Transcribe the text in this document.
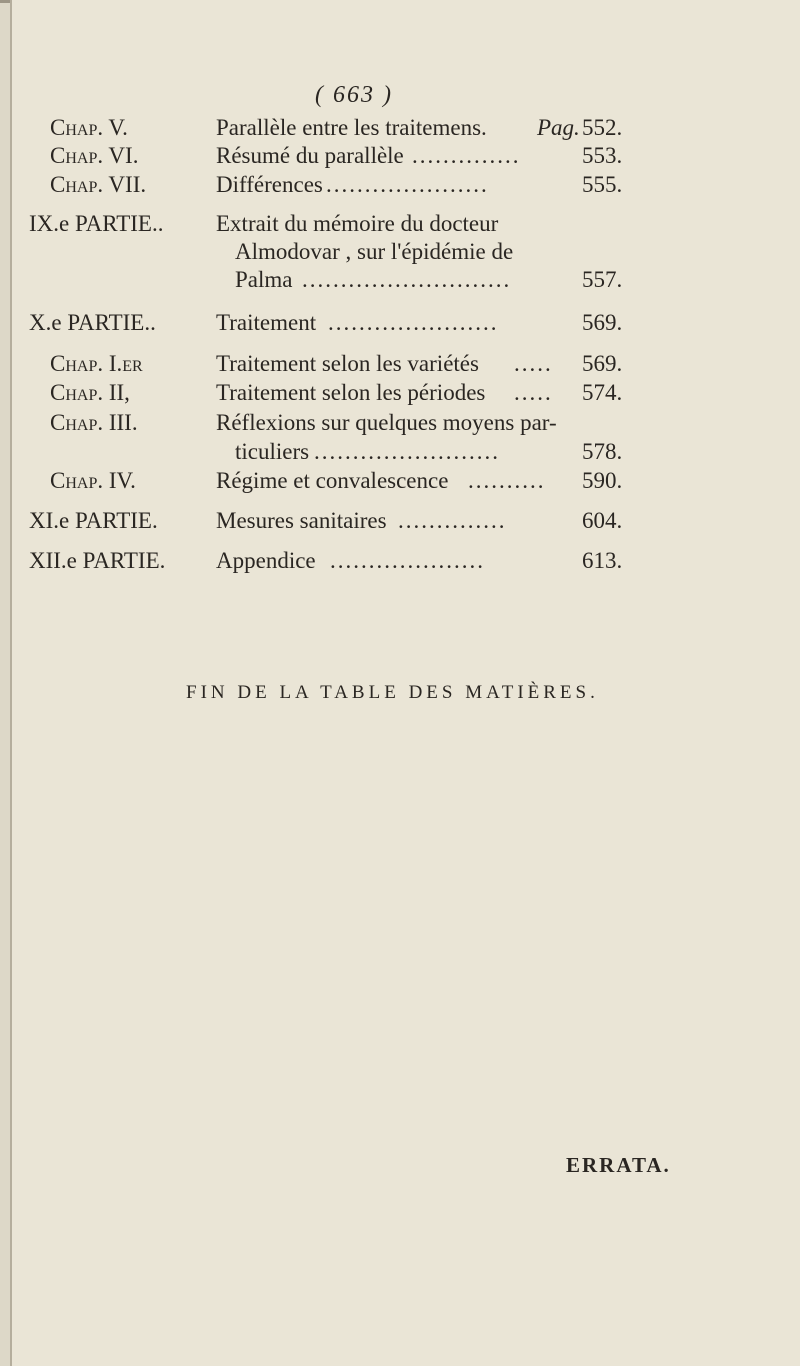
( 663 )
Chap. V.	Parallèle entre les traitemens. Pag. 552.
Chap. VI.	Résumé du parallèle ..............	553.
Chap. VII.	Différences .....................	555.
IX.e PARTIE.. Extrait du mémoire du docteur
Almodovar , sur l'épidémie de
Palma ...........................	557.
X.e PARTIE..	Traitement ......................	569.
Chap. I.er	Traitement selon les variétés .....	569.
Chap. II,	Traitement selon les périodes .....	574.
Chap. III.	Réflexions sur quelques moyens par-
ticuliers ........................	578.
Chap. IV.	Régime et convalescence ..........	590.
XI.e PARTIE.	Mesures sanitaires ..............	604.
XII.e PARTIE. Appendice ....................	613.
FIN DE LA TABLE DES MATIÈRES.
ERRATA.
